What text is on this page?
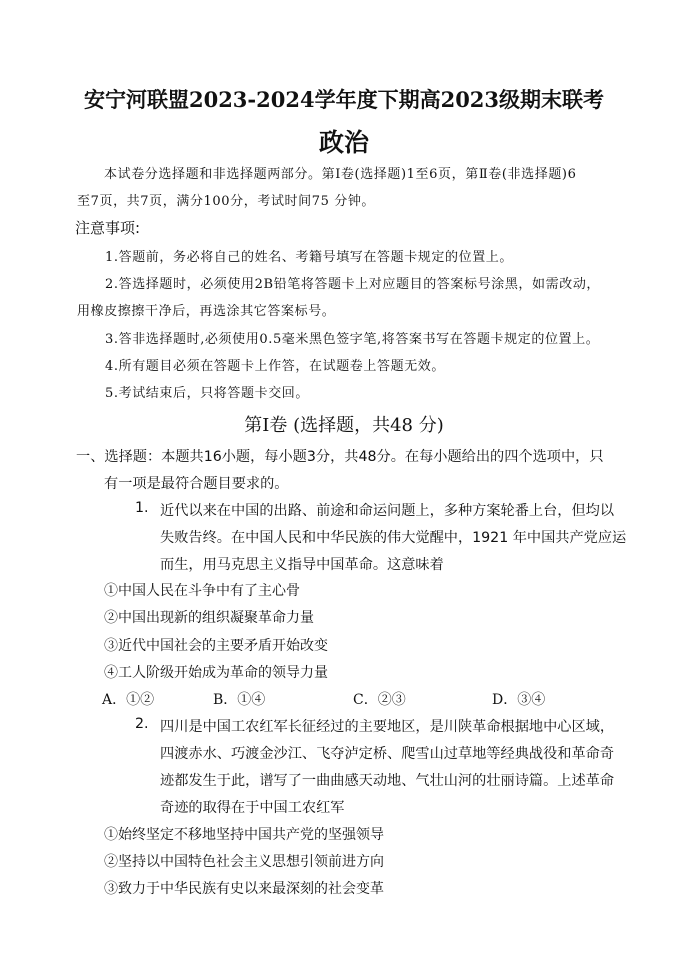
安宁河联盟2023-2024学年度下期高2023级期末联考
政治
本试卷分选择题和非选择题两部分。第Ⅰ卷(选择题)1至6页，第Ⅱ卷(非选择题)6
至7页，共7页，满分100分，考试时间75 分钟。
注意事项:
1.答题前，务必将自己的姓名、考籍号填写在答题卡规定的位置上。
2.答选择题时，必须使用2B铅笔将答题卡上对应题目的答案标号涂黑，如需改动，
用橡皮擦擦干净后，再选涂其它答案标号。
3.答非选择题时,必须使用0.5毫米黑色签字笔,将答案书写在答题卡规定的位置上。
4.所有题目必须在答题卡上作答，在试题卷上答题无效。
5.考试结束后，只将答题卡交回。
第Ⅰ卷 (选择题，共48 分)
一、选择题：本题共16小题，每小题3分，共48分。在每小题给出的四个选项中，只
有一项是最符合题目要求的。
1. 近代以来在中国的出路、前途和命运问题上，多种方案轮番上台，但均以
失败告终。在中国人民和中华民族的伟大觉醒中，1921 年中国共产党应运
而生，用马克思主义指导中国革命。这意味着
①中国人民在斗争中有了主心骨
②中国出现新的组织凝聚革命力量
③近代中国社会的主要矛盾开始改变
④工人阶级开始成为革命的领导力量
A．①②	B．①④	C．②③	D．③④
2. 四川是中国工农红军长征经过的主要地区，是川陕革命根据地中心区域，
四渡赤水、巧渡金沙江、飞夺泸定桥、爬雪山过草地等经典战役和革命奇
迹都发生于此，谱写了一曲曲感天动地、气壮山河的壮丽诗篇。上述革命
奇迹的取得在于中国工农红军
①始终坚定不移地坚持中国共产党的坚强领导
②坚持以中国特色社会主义思想引领前进方向
③致力于中华民族有史以来最深刻的社会变革
